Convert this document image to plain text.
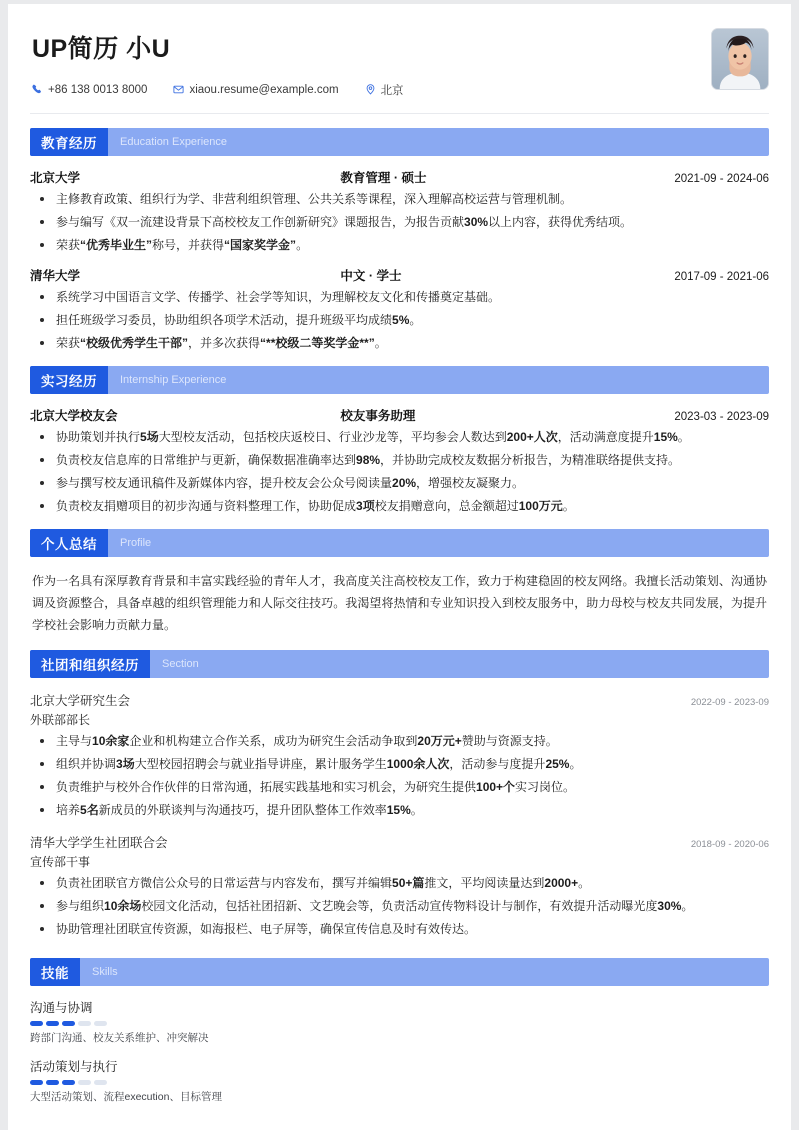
UP简历 小U
+86 138 0013 8000	xiaou.resume@example.com	北京
教育经历	Education Experience
北京大学	教育管理 · 硕士	2021-09 - 2024-06
主修教育政策、组织行为学、非营利组织管理、公共关系等课程，深入理解高校运营与管理机制。
参与编写《双一流建设背景下高校校友工作创新研究》课题报告，为报告贡献30%以上内容，获得优秀结项。
荣获“优秀毕业生”称号，并获得“国家奖学金”。
清华大学	中文 · 学士	2017-09 - 2021-06
系统学习中国语言文学、传播学、社会学等知识，为理解校友文化和传播奠定基础。
担任班级学习委员，协助组织各项学术活动，提升班级平均成绩5%。
荣获“校级优秀学生干部”，并多次获得“**校级二等奖学金**”。
实习经历	Internship Experience
北京大学校友会	校友事务助理	2023-03 - 2023-09
协助策划并执行5场大型校友活动，包括校庆返校日、行业沙龙等，平均参会人数达到200+人次，活动满意度提升15%。
负责校友信息库的日常维护与更新，确保数据准确率达到98%，并协助完成校友数据分析报告，为精准联络提供支持。
参与撰写校友通讯稿件及新媒体内容，提升校友会公众号阅读量20%，增强校友凝聚力。
负责校友捐赠项目的初步沟通与资料整理工作，协助促成3项校友捐赠意向，总金额超过100万元。
个人总结	Profile
作为一名具有深厚教育背景和丰富实践经验的青年人才，我高度关注高校校友工作，致力于构建稳固的校友网络。我擅长活动策划、沟通协调及资源整合，具备卓越的组织管理能力和人际交往技巧。我渴望将热情和专业知识投入到校友服务中，助力母校与校友共同发展，为提升学校社会影响力贡献力量。
社团和组织经历	Section
北京大学研究生会	2022-09 - 2023-09
外联部部长
主导与10余家企业和机构建立合作关系，成功为研究生会活动争取到20万元+赞助与资源支持。
组织并协调3场大型校园招聘会与就业指导讲座，累计服务学生1000余人次，活动参与度提升25%。
负责维护与校外合作伙伴的日常沟通，拓展实践基地和实习机会，为研究生提供100+个实习岗位。
培养5名新成员的外联谈判与沟通技巧，提升团队整体工作效率15%。
清华大学学生社团联合会	2018-09 - 2020-06
宣传部干事
负责社团联官方微信公众号的日常运营与内容发布，撰写并编辑50+篇推文，平均阅读量达到2000+。
参与组织10余场校园文化活动，包括社团招新、文艺晚会等，负责活动宣传物料设计与制作，有效提升活动曝光度30%。
协助管理社团联宣传资源，如海报栏、电子屏等，确保宣传信息及时有效传达。
技能	Skills
沟通与协调
跨部门沟通、校友关系维护、冲突解决
活动策划与执行
大型活动策划、流程execution、目标管理
